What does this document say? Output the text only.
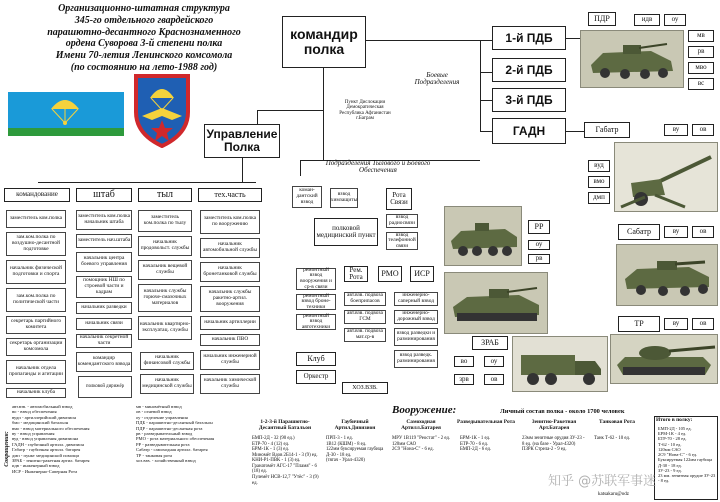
Организационно-штатная структура
345-го отдельного гвардейского
парашютно-десантного Краснознаменного
ордена Суворова 3-й степени полка
Имени 70-летия Ленинского комсомола
(по состоянию на лето-1988 год)
командир полка
Управление Полка
Пункт Дислокации
Демократическая
Республика Афганистан
г.Баграм
Боевые Подразделения
Подразделения Тылового и Боевого Обеспечения
1-й ПДБ
2-й ПДБ
3-й ПДБ
ГАДН
ПДР	идв	оу
мв
рв
мво
вс
Габатр	ву	ов
вуд
вмо
дмп
Сабатр	ву	ов
ТР	ву	ов
РР
оу
рв
ЗРАБ
во	оу
зрв	ов
командование	штаб	тыл	тех.часть
заместитель ком.полка
зам.ком.полка по воздушно-десантной подготовке
начальник физической подготовки и спорта
зам.ком.полка по политической части
секретарь партийного комитета
секретарь организации комсомола
начальник отдела пропаганды и агитации
начальник клуба
заместитель ком.полка начальник штаба
заместитель нач.штаба
начальник центра боевого управления
помощник НШ по строевой части и кадрам
начальник разведки
начальник связи
начальник секретной части
командир комендантского взвода
полковой дирижёр
заместитель ком.полка по тылу
начальник продовольст. службы
начальник вещевой службы
начальник службы горюче-смазочных материалов
начальник квартирно-эксплуатац. службы
заместитель ком.полка по вооружению
начальник автомобильной службы
начальник бронетанковой службы
начальник службы ракетно-артил. вооружения
начальник артиллерии
начальник ПВО
начальник финансовой службы
начальник медицинской службы
начальник инженерной службы
начальник химической службы
коман-дантский взвод
взвод химзащиты
Рота Связи
взвод радиосвязи
взвод телефонной связи
полковой медицинский пункт
Рем. Рота	РМО	ИСР
ремонтный взвод вооружения и ср-в связи
ремонтный взвод броне-техники
ремонтный взвод автотехники
авт.взв. подвоза боеприпасов
авт.взв. подвоза ГСМ
авт.взв. подвоза мат.ср-в
инженерно-саперный взвод
инженерно-дорожный взвод
взвод разведки и разминирования
взвод разведк. разминирования
Клуб
Оркестр
ХОЗ.ВЗВ.
Сокращения:
авт.взв. - автомобильный взвод
во - взвод обеспечения
вудп - артиллерийский дивизион
бмо - медицинский батальон
вмо - взвод материального обеспечения
ву - взвод управления
вуд - взвод управления дивизиона
ГАДН - гаубичный артилл. дивизион
Габатр - гаубичная артилл. батарея
дмп - пункт медицинской помощи
ЗРАБ - зенитно-ракетная артил. батарея
идв - инженерный взвод
ИСР - Инженерно-Саперная Рота
мв - миномётный взвод
ов - огневой взвод
оу - отделение управления
ПДБ - парашютно-десантный батальон
ПДР - парашютно-десантная рота
рв - разведывательный взвод
РМО - рота материального обеспечения
РР - разведывательная рота
Сабатр - самоходная артилл. батарея
ТР - танковая рота
хоз.взв. - хозяйственный взвод
Вооружение:	Личный состав полка - около 1700 человек
1-2-3-й Парашютно-Десантный Батальон
БМП-2Д - 32 (90 ед.)
БТР-70 - 4 (12) ед.
БРМ-1К - 1 (3) ед.
Миномёт Вдов 2Б14-1 - 3 (9) ед.
КНИ-Р1-ПВК - 1 (3) ед.
Гранатомёт АГС-17 "Пламя" - 6 (18) ед.
Пулемёт НСВ-12,7 "Утёс" - 3 (9) ед.
Гаубичный Артил.Дивизион
ПРП-3 - 1 ед.
1В12 (КШМ) - 8 ед.
122мм буксируемая гаубица Д-30 - 18 ед.
(тягач - Урал-4320)
Самоходная Артилл.Батарея
МРУ 1В119 "Реостат" - 2 ед.
120мм САО
2С9 "Нона-С" - 6 ед.
Разведывательная Рота
БРМ-1К - 1 ед.
БТР-70 - 6 ед.
БМП-2Д - 6 ед.
Зенитно-Ракетная Арт.Батарея
23мм зенитные орудия ЗУ-23 - 8 ед. (на базе - Урал-4320)
ПЗРК Стрела-2 - 9 ед.
Танковая Рота
Танк Т-62 - 10 ед.
Итого в полку:
БМП-2Д - 105 ед.
БРМ-1К - 4 ед.
БТР-70 - 28 ед.
Т-62 - 10 ед.
120мм САО
2С9 "Нона-С" - 6 ед.
Буксируемая 122мм гаубица Д-30 - 18 ед.
ЗУ-23 - 9 ед.
23 мм. зенитная орудие ЗУ-23 - 8 ед.
知乎 @苏联军事迷
katsakaru@odz
